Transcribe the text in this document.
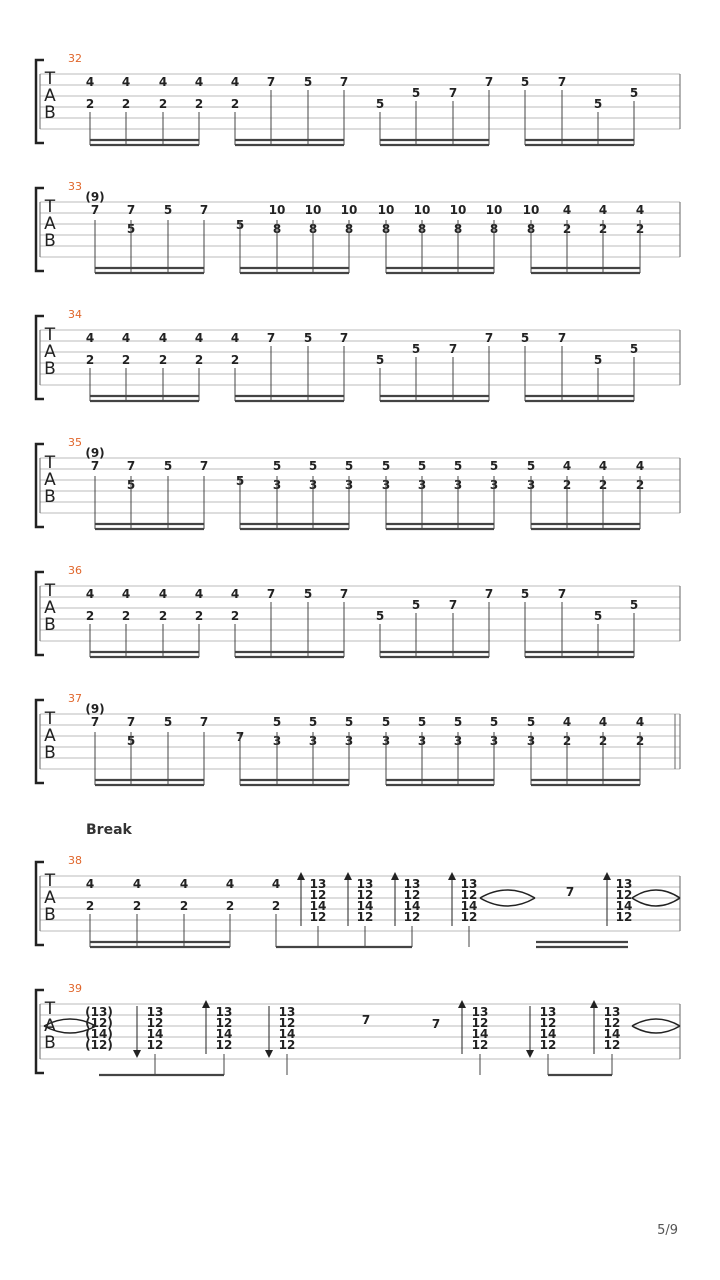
32
T
A
B
4
2
4
2
4
2
4
2
4
2
7 5 7
5
5 7
7 5 7
5
5
33
T
A
B
(9)
7 7
5
5 7
5
10
8
10
8
10
8
10
8
10
8
10
8
10
8
10
8
4
2
4
2
4
2
34
T
A
B
4
2
4
2
4
2
4
2
4
2
7 5 7
5
5 7
7 5 7
5
5
35
T
A
B
(9)
7 7
5
5 7
5
5
3
5
3
5
3
5
3
5
3
5
3
5
3
5
3
4
2
4
2
4
2
36
T
A
B
4
2
4
2
4
2
4
2
4
2
7 5 7
5
5 7
7 5 7
5
5
37
T
A
B
(9)
7 7
5
5 7
7
5
3
5
3
5
3
5
3
5
3
5
3
5
3
5
3
4
2
4
2
4
2
38
T
A
B
4
2
4
2
4
2
4
2
4
2
13
12
14
12
13
12
14
12
13
12
14
12
13
12
14
12
13
12
14
12
7
39
T
A
B
(13)
(12)
(14)
(12)
13
12
14
12
13
12
14
12
13
12
14
12
13
12
14
12
13
12
14
12
13
12
14
12
7	7
Break
5/9
